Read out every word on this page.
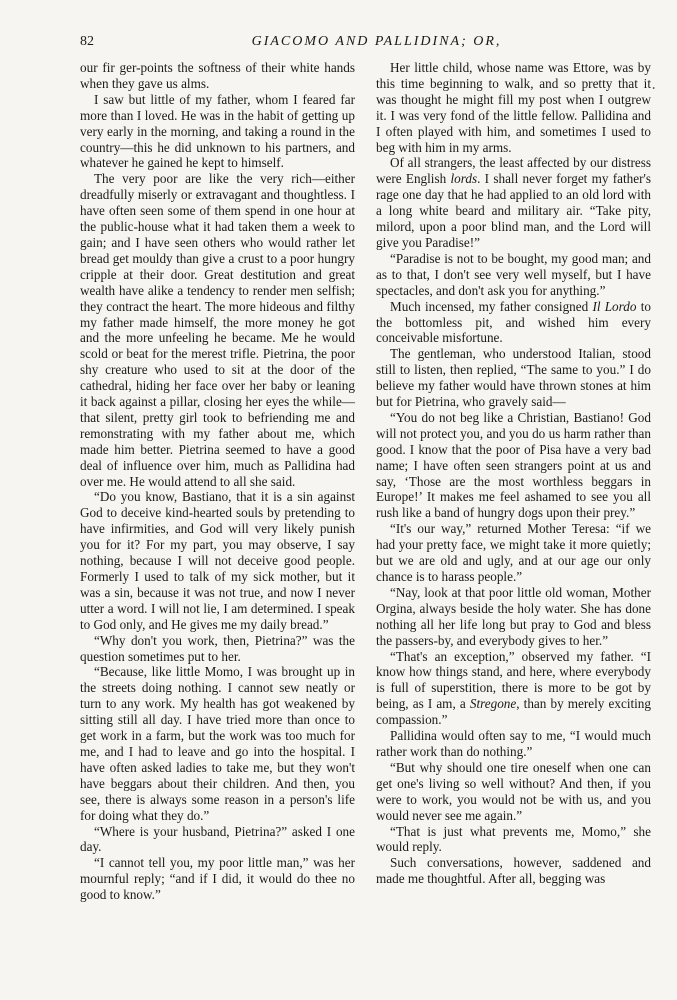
82	GIACOMO AND PALLIDINA; OR,

our fir ger-points the softness of their white hands when they gave us alms.

I saw but little of my father, whom I feared far more than I loved. He was in the habit of getting up very early in the morning, and taking a round in the country—this he did unknown to his partners, and whatever he gained he kept to himself.

The very poor are like the very rich—either dreadfully miserly or extravagant and thoughtless. I have often seen some of them spend in one hour at the public-house what it had taken them a week to gain; and I have seen others who would rather let bread get mouldy than give a crust to a poor hungry cripple at their door. Great destitution and great wealth have alike a tendency to render men selfish; they contract the heart. The more hideous and filthy my father made himself, the more money he got and the more unfeeling he became. Me he would scold or beat for the merest trifle. Pietrina, the poor shy creature who used to sit at the door of the cathedral, hiding her face over her baby or leaning it back against a pillar, closing her eyes the while—that silent, pretty girl took to befriending me and remonstrating with my father about me, which made him better. Pietrina seemed to have a good deal of influence over him, much as Pallidina had over me. He would attend to all she said.

“Do you know, Bastiano, that it is a sin against God to deceive kind-hearted souls by pretending to have infirmities, and God will very likely punish you for it? For my part, you may observe, I say nothing, because I will not deceive good people. Formerly I used to talk of my sick mother, but it was a sin, because it was not true, and now I never utter a word. I will not lie, I am determined. I speak to God only, and He gives me my daily bread.”

“Why don't you work, then, Pietrina?” was the question sometimes put to her.

“Because, like little Momo, I was brought up in the streets doing nothing. I cannot sew neatly or turn to any work. My health has got weakened by sitting still all day. I have tried more than once to get work in a farm, but the work was too much for me, and I had to leave and go into the hospital. I have often asked ladies to take me, but they won't have beggars about their children. And then, you see, there is always some reason in a person's life for doing what they do.”

“Where is your husband, Pietrina?” asked I one day.

“I cannot tell you, my poor little man,” was her mournful reply; “and if I did, it would do thee no good to know.”

Her little child, whose name was Ettore, was by this time beginning to walk, and so pretty that it was thought he might fill my post when I outgrew it. I was very fond of the little fellow. Pallidina and I often played with him, and sometimes I used to beg with him in my arms.

Of all strangers, the least affected by our distress were English lords. I shall never forget my father's rage one day that he had applied to an old lord with a long white beard and military air. “Take pity, milord, upon a poor blind man, and the Lord will give you Paradise!”

“Paradise is not to be bought, my good man; and as to that, I don't see very well myself, but I have spectacles, and don't ask you for anything.”

Much incensed, my father consigned Il Lordo to the bottomless pit, and wished him every conceivable misfortune.

The gentleman, who understood Italian, stood still to listen, then replied, “The same to you.” I do believe my father would have thrown stones at him but for Pietrina, who gravely said—

“You do not beg like a Christian, Bastiano! God will not protect you, and you do us harm rather than good. I know that the poor of Pisa have a very bad name; I have often seen strangers point at us and say, ‘Those are the most worthless beggars in Europe!’ It makes me feel ashamed to see you all rush like a band of hungry dogs upon their prey.”

“It's our way,” returned Mother Teresa: “if we had your pretty face, we might take it more quietly; but we are old and ugly, and at our age our only chance is to harass people.”

“Nay, look at that poor little old woman, Mother Orgina, always beside the holy water. She has done nothing all her life long but pray to God and bless the passers-by, and everybody gives to her.”

“That's an exception,” observed my father. “I know how things stand, and here, where everybody is full of superstition, there is more to be got by being, as I am, a Stregone, than by merely exciting compassion.”

Pallidina would often say to me, “I would much rather work than do nothing.”

“But why should one tire oneself when one can get one's living so well without? And then, if you were to work, you would not be with us, and you would never see me again.”

“That is just what prevents me, Momo,” she would reply.

Such conversations, however, saddened and made me thoughtful. After all, begging was

•
